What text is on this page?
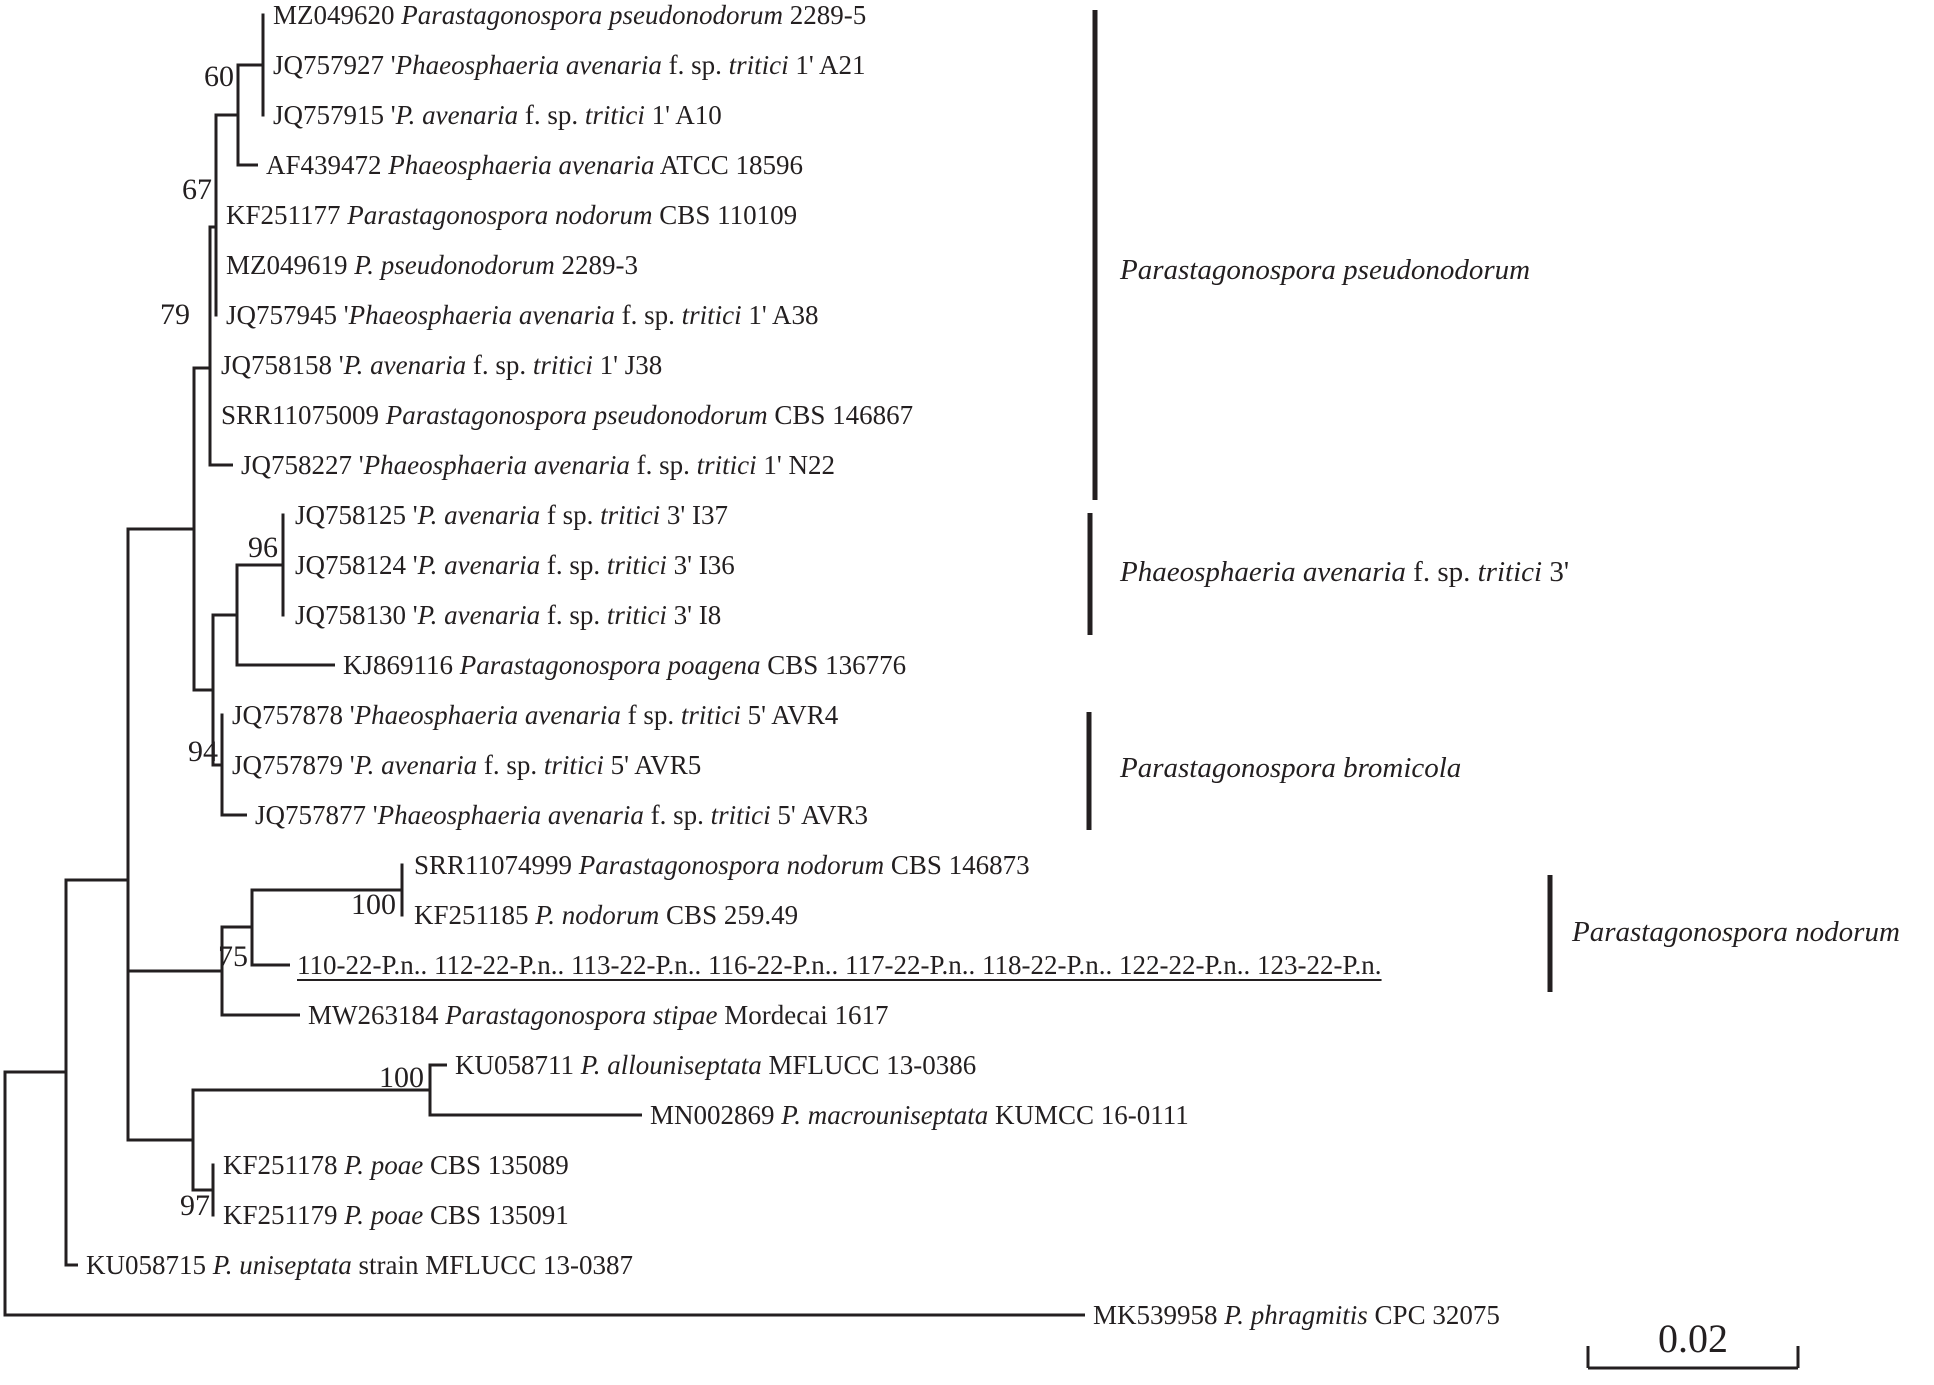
MZ049620 Parastagonospora pseudonodorum 2289-5
JQ757927 'Phaeosphaeria avenaria f. sp. tritici 1' A21
JQ757915 'P. avenaria f. sp. tritici 1' A10
AF439472 Phaeosphaeria avenaria ATCC 18596
KF251177 Parastagonospora nodorum CBS 110109
MZ049619 P. pseudonodorum 2289-3
JQ757945 'Phaeosphaeria avenaria f. sp. tritici 1' A38
JQ758158 'P. avenaria f. sp. tritici 1' J38
SRR11075009 Parastagonospora pseudonodorum CBS 146867
JQ758227 'Phaeosphaeria avenaria f. sp. tritici 1' N22
JQ758125 'P. avenaria f sp. tritici 3' I37
JQ758124 'P. avenaria f. sp. tritici 3' I36
JQ758130 'P. avenaria f. sp. tritici 3' I8
KJ869116 Parastagonospora poagena CBS 136776
JQ757878 'Phaeosphaeria avenaria f sp. tritici 5' AVR4
JQ757879 'P. avenaria f. sp. tritici 5' AVR5
JQ757877 'Phaeosphaeria avenaria f. sp. tritici 5' AVR3
SRR11074999 Parastagonospora nodorum CBS 146873
KF251185 P. nodorum CBS 259.49
110-22-P.n.. 112-22-P.n.. 113-22-P.n.. 116-22-P.n.. 117-22-P.n.. 118-22-P.n.. 122-22-P.n.. 123-22-P.n.
MW263184 Parastagonospora stipae Mordecai 1617
KU058711 P. allouniseptata MFLUCC 13-0386
MN002869 P. macrouniseptata KUMCC 16-0111
KF251178 P. poae CBS 135089
KF251179 P. poae CBS 135091
KU058715 P. uniseptata strain MFLUCC 13-0387
MK539958 P. phragmitis CPC 32075
60
67
79
96
94
100
75
100
97
Parastagonospora pseudonodorum
Phaeosphaeria avenaria f. sp. tritici 3'
Parastagonospora bromicola
Parastagonospora nodorum
0.02
